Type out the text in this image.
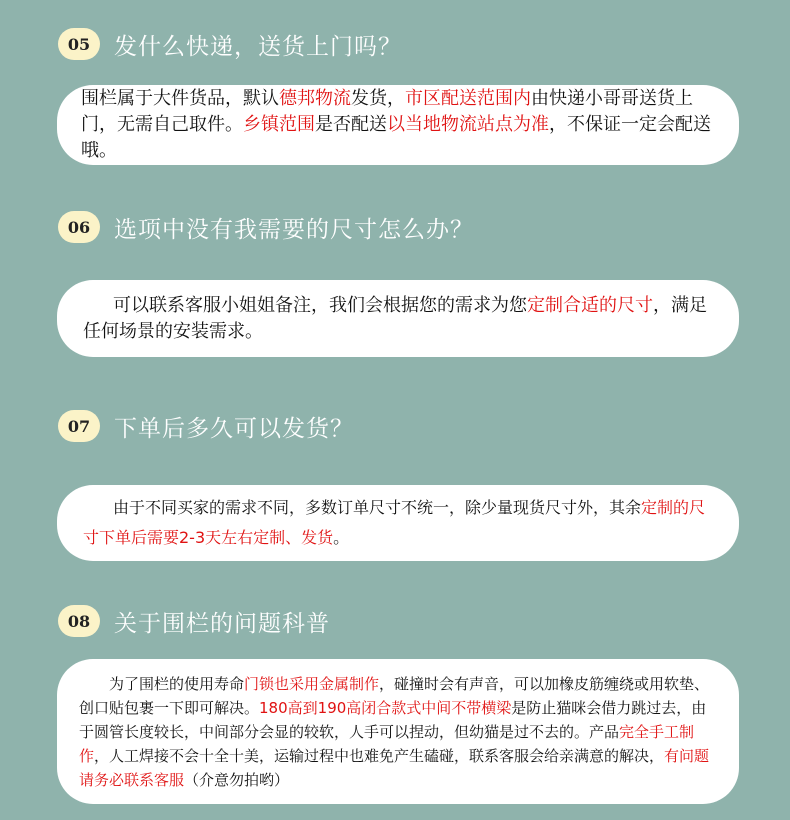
05	发什么快递，送货上门吗？
围栏属于大件货品，默认德邦物流发货，市区配送范围内由快递小哥哥送货上门，无需自己取件。乡镇范围是否配送以当地物流站点为准，不保证一定会配送哦。
06	选项中没有我需要的尺寸怎么办？
可以联系客服小姐姐备注，我们会根据您的需求为您定制合适的尺寸，满足任何场景的安装需求。
07	下单后多久可以发货？
由于不同买家的需求不同，多数订单尺寸不统一，除少量现货尺寸外，其余定制的尺寸下单后需要2-3天左右定制、发货。
08	关于围栏的问题科普
为了围栏的使用寿命门锁也采用金属制作，碰撞时会有声音，可以加橡皮筋缠绕或用软垫、创口贴包裹一下即可解决。180高到190高闭合款式中间不带横梁是防止猫咪会借力跳过去，由于圆管长度较长，中间部分会显的较软，人手可以捏动，但幼猫是过不去的。产品完全手工制作，人工焊接不会十全十美，运输过程中也难免产生磕碰，联系客服会给亲满意的解决，有问题请务必联系客服（介意勿拍哟）
